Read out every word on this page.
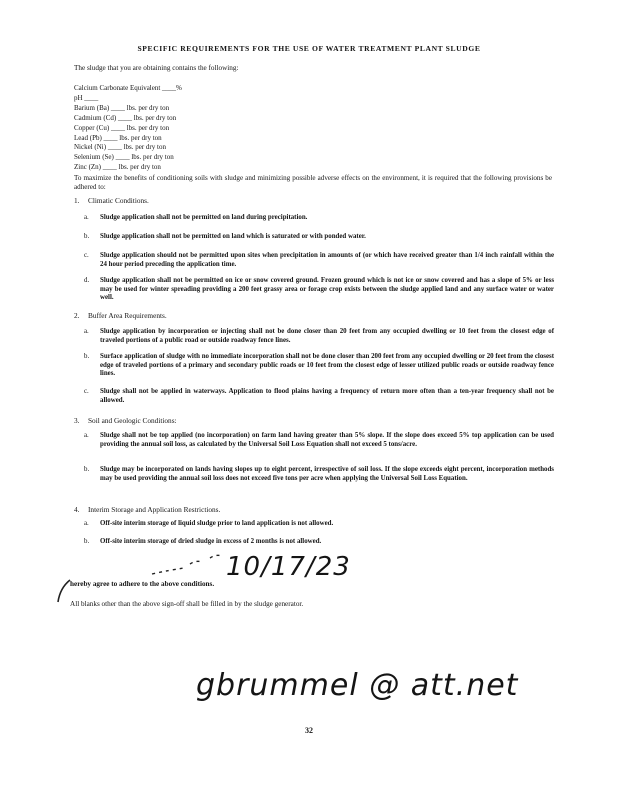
SPECIFIC REQUIREMENTS FOR THE USE OF WATER TREATMENT PLANT SLUDGE
The sludge that you are obtaining contains the following:
Calcium Carbonate Equivalent ____%
pH ____
Barium (Ba) ____ lbs. per dry ton
Cadmium (Cd) ____ lbs. per dry ton
Copper (Cu) ____ lbs. per dry ton
Lead (Pb) ____ lbs. per dry ton
Nickel (Ni) ____ lbs. per dry ton
Selenium (Se) ____ lbs. per dry ton
Zinc (Zn) ____ lbs. per dry ton
To maximize the benefits of conditioning soils with sludge and minimizing possible adverse effects on the environment, it is required that the following provisions be adhered to:
1. Climatic Conditions.
a.	Sludge application shall not be permitted on land during precipitation.
b.	Sludge application shall not be permitted on land which is saturated or with ponded water.
c.	Sludge application should not be permitted upon sites when precipitation in amounts of (or which have received greater than 1/4 inch rainfall within the 24 hour period preceding the application time.
d.	Sludge application shall not be permitted on ice or snow covered ground. Frozen ground which is not ice or snow covered and has a slope of 5% or less may be used for winter spreading providing a 200 feet grassy area or forage crop exists between the sludge applied land and any surface water or water well.
2. Buffer Area Requirements.
a.	Sludge application by incorporation or injecting shall not be done closer than 20 feet from any occupied dwelling or 10 feet from the closest edge of traveled portions of a public road or outside roadway fence lines.
b.	Surface application of sludge with no immediate incorporation shall not be done closer than 200 feet from any occupied dwelling or 20 feet from the closest edge of traveled portions of a primary and secondary public roads or 10 feet from the closest edge of lesser utilized public roads or outside roadway fence lines.
c.	Sludge shall not be applied in waterways. Application to flood plains having a frequency of return more often than a ten-year frequency shall not be allowed.
3. Soil and Geologic Conditions:
a.	Sludge shall not be top applied (no incorporation) on farm land having greater than 5% slope. If the slope does exceed 5% top application can be used providing the annual soil loss, as calculated by the Universal Soil Loss Equation shall not exceed 5 tons/acre.
b.	Sludge may be incorporated on lands having slopes up to eight percent, irrespective of soil loss. If the slope exceeds eight percent, incorporation methods may be used providing the annual soil loss does not exceed five tons per acre when applying the Universal Soil Loss Equation.
4. Interim Storage and Application Restrictions.
a.	Off-site interim storage of liquid sludge prior to land application is not allowed.
b.	Off-site interim storage of dried sludge in excess of 2 months is not allowed.
10/17/23
hereby agree to adhere to the above conditions.
All blanks other than the above sign-off shall be filled in by the sludge generator.
gbrummel @ att.net
32
